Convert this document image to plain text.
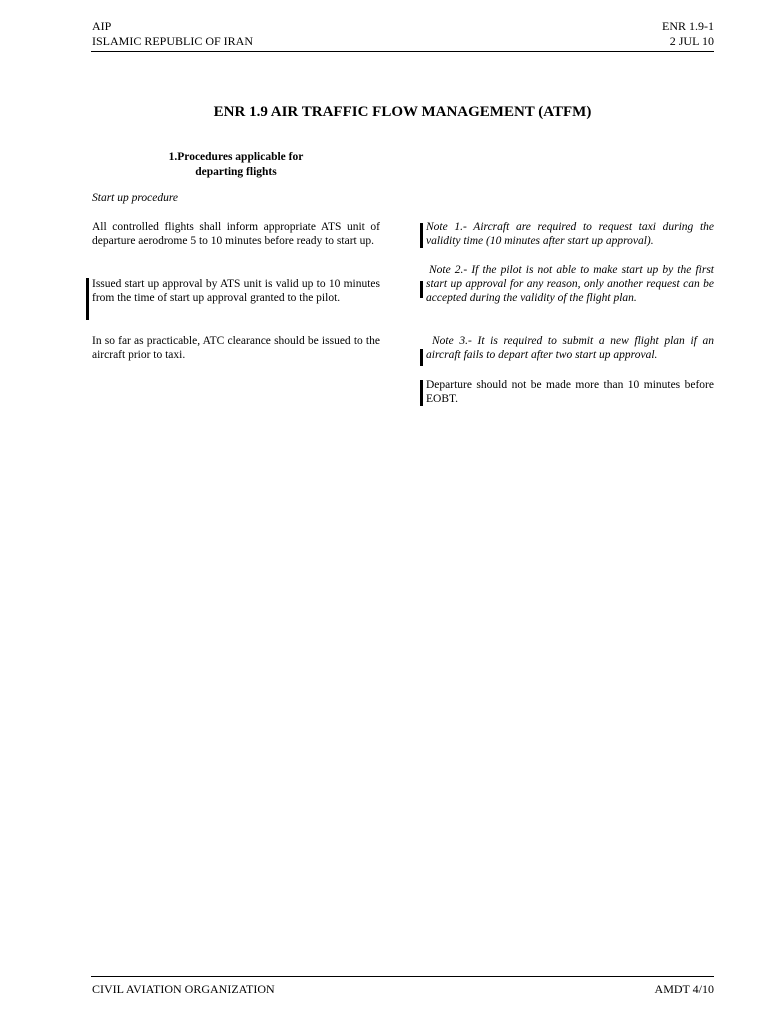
AIP
ISLAMIC REPUBLIC OF IRAN
ENR 1.9-1
2 JUL 10
ENR 1.9 AIR TRAFFIC FLOW MANAGEMENT (ATFM)
1.Procedures applicable for
departing flights
Start up procedure
All controlled flights shall inform appropriate ATS unit of departure aerodrome 5 to 10 minutes before ready to start up.
Issued start up approval by ATS unit is valid up to 10 minutes from the time of start up approval granted to the pilot.
In so far as practicable, ATC clearance should be issued to the aircraft prior to taxi.
Note 1.- Aircraft are required to request taxi during the validity time (10 minutes after start up approval).
Note 2.- If the pilot is not able to make start up by the first start up approval for any reason, only another request can be accepted during the validity of the flight plan.
Note 3.- It is required to submit a new flight plan if an aircraft fails to depart after two start up approval.
Departure should not be made more than 10 minutes before EOBT.
CIVIL AVIATION ORGANIZATION	AMDT 4/10
